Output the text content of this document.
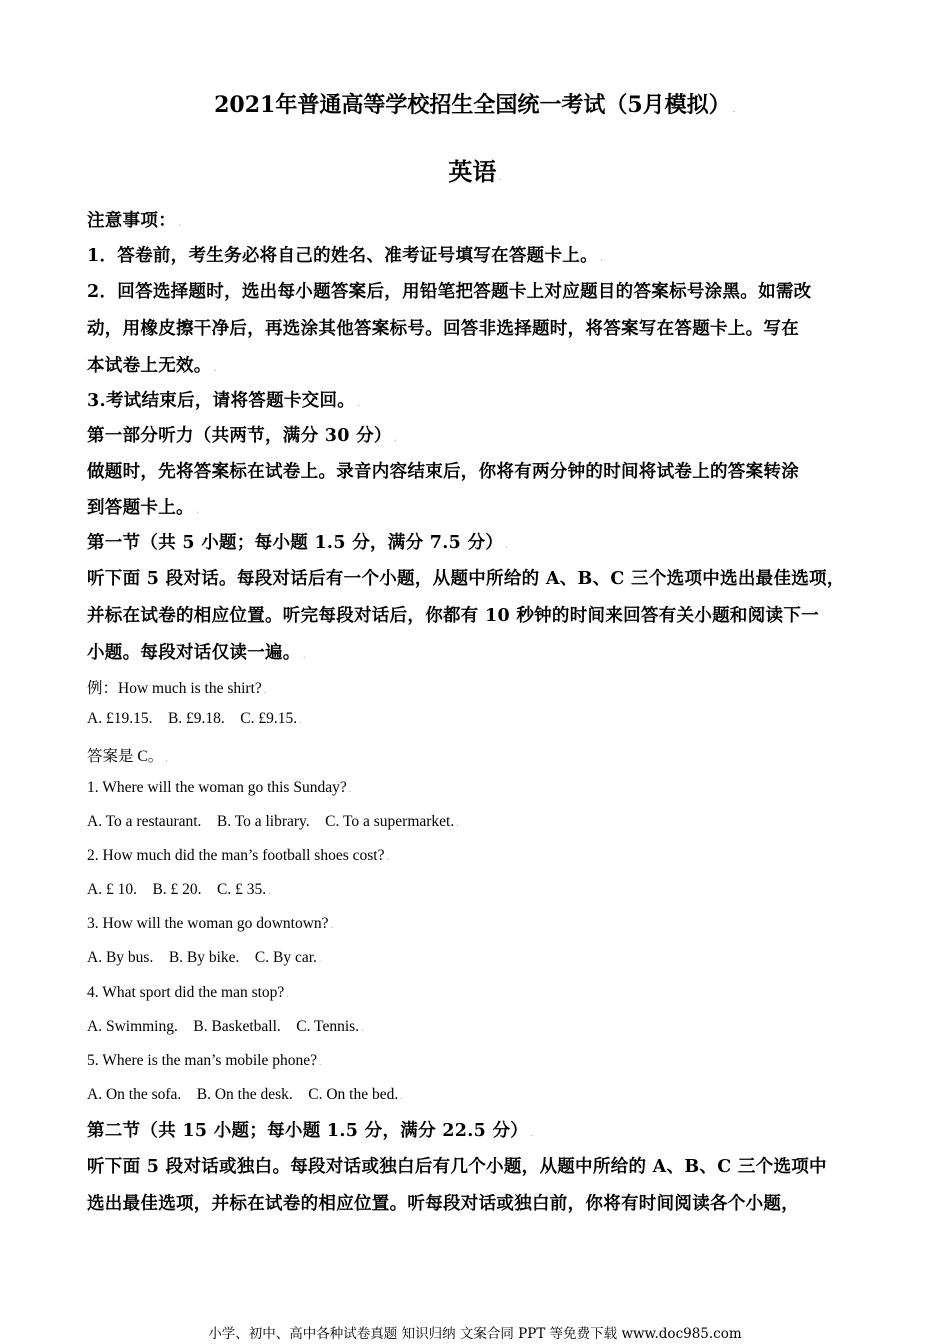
2021年普通高等学校招生全国统一考试（5月模拟） .
英语 .
注意事项： .
1．答卷前，考生务必将自己的姓名、准考证号填写在答题卡上。 .
2．回答选择题时，选出每小题答案后，用铅笔把答题卡上对应题目的答案标号涂黑。如需改
动，用橡皮擦干净后，再选涂其他答案标号。回答非选择题时，将答案写在答题卡上。写在
本试卷上无效。 .
3.考试结束后，请将答题卡交回。 .
第一部分听力（共两节，满分 30 分） .
做题时，先将答案标在试卷上。录音内容结束后，你将有两分钟的时间将试卷上的答案转涂
到答题卡上。 .
第一节（共 5 小题；每小题 1.5 分，满分 7.5 分） .
听下面 5 段对话。每段对话后有一个小题，从题中所给的 A、B、C 三个选项中选出最佳选项，
并标在试卷的相应位置。听完每段对话后，你都有 10 秒钟的时间来回答有关小题和阅读下一
小题。每段对话仅读一遍。 .
例：How much is the shirt? .
A. £19.15.    B. £9.18.    C. £9.15. .
答案是 C。 .
1. Where will the woman go this Sunday? .
A. To a restaurant.    B. To a library.    C. To a supermarket. .
2. How much did the man’s football shoes cost? .
A. £ 10.    B. £ 20.    C. £ 35. .
3. How will the woman go downtown? .
A. By bus.    B. By bike.    C. By car. .
4. What sport did the man stop? .
A. Swimming.    B. Basketball.    C. Tennis. .
5. Where is the man’s mobile phone? .
A. On the sofa.    B. On the desk.    C. On the bed. .
第二节（共 15 小题；每小题 1.5 分，满分 22.5 分） .
听下面 5 段对话或独白。每段对话或独白后有几个小题，从题中所给的 A、B、C 三个选项中
选出最佳选项，并标在试卷的相应位置。听每段对话或独白前，你将有时间阅读各个小题，
小学、初中、高中各种试卷真题 知识归纳 文案合同 PPT 等免费下载 www.doc985.com
